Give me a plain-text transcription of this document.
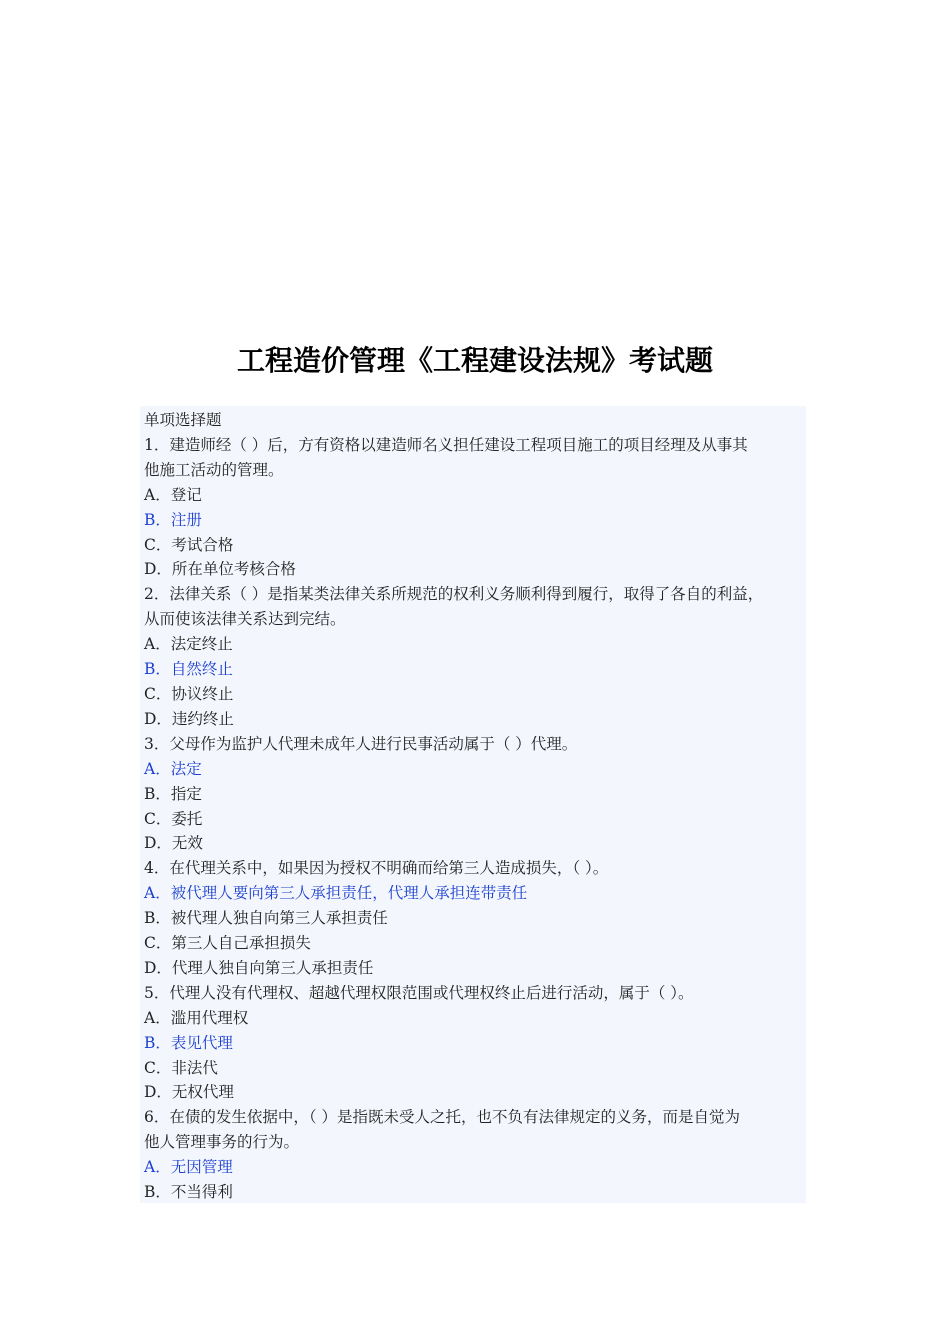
工程造价管理《工程建设法规》考试题
单项选择题
1．建造师经（ ）后，方有资格以建造师名义担任建设工程项目施工的项目经理及从事其
他施工活动的管理。
A．登记
B．注册
C．考试合格
D．所在单位考核合格
2．法律关系（ ）是指某类法律关系所规范的权利义务顺利得到履行，取得了各自的利益，
从而使该法律关系达到完结。
A．法定终止
B．自然终止
C．协议终止
D．违约终止
3．父母作为监护人代理未成年人进行民事活动属于（ ）代理。
A．法定
B．指定
C．委托
D．无效
4．在代理关系中，如果因为授权不明确而给第三人造成损失，（ ）。
A．被代理人要向第三人承担责任，代理人承担连带责任
B．被代理人独自向第三人承担责任
C．第三人自己承担损失
D．代理人独自向第三人承担责任
5．代理人没有代理权、超越代理权限范围或代理权终止后进行活动，属于（ ）。
A．滥用代理权
B．表见代理
C．非法代
D．无权代理
6．在债的发生依据中，（ ）是指既未受人之托，也不负有法律规定的义务，而是自觉为
他人管理事务的行为。
A．无因管理
B．不当得利
